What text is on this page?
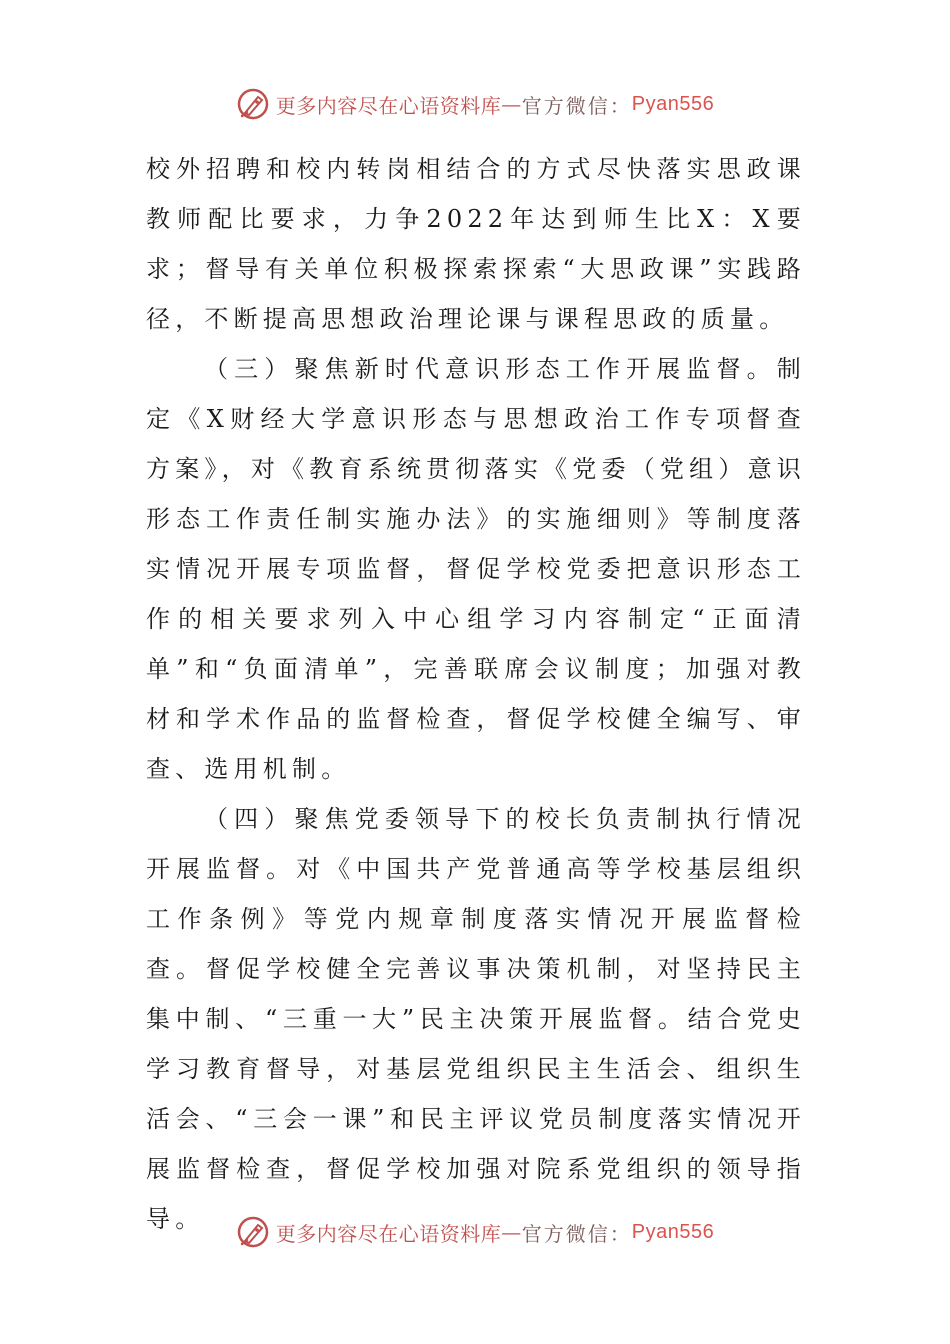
更多内容尽在心语资料库 — 官方微信： Pyan556

校外招聘和校内转岗相结合的方式尽快落实思政课教师配比要求，力争2022年达到师生比X：X要求；督导有关单位积极探索探索“大思政课”实践路径，不断提高思想政治理论课与课程思政的质量。

（三）聚焦新时代意识形态工作开展监督。制定《X财经大学意识形态与思想政治工作专项督查方案》，对《教育系统贯彻落实《党委（党组）意识形态工作责任制实施办法》的实施细则》等制度落实情况开展专项监督，督促学校党委把意识形态工作的相关要求列入中心组学习内容制定“正面清单”和“负面清单”，完善联席会议制度；加强对教材和学术作品的监督检查，督促学校健全编写、审查、选用机制。

（四）聚焦党委领导下的校长负责制执行情况开展监督。对《中国共产党普通高等学校基层组织工作条例》等党内规章制度落实情况开展监督检查。督促学校健全完善议事决策机制，对坚持民主集中制、“三重一大”民主决策开展监督。结合党史学习教育督导，对基层党组织民主生活会、组织生活会、“三会一课”和民主评议党员制度落实情况开展监督检查，督促学校加强对院系党组织的领导指导。

更多内容尽在心语资料库 — 官方微信： Pyan556
